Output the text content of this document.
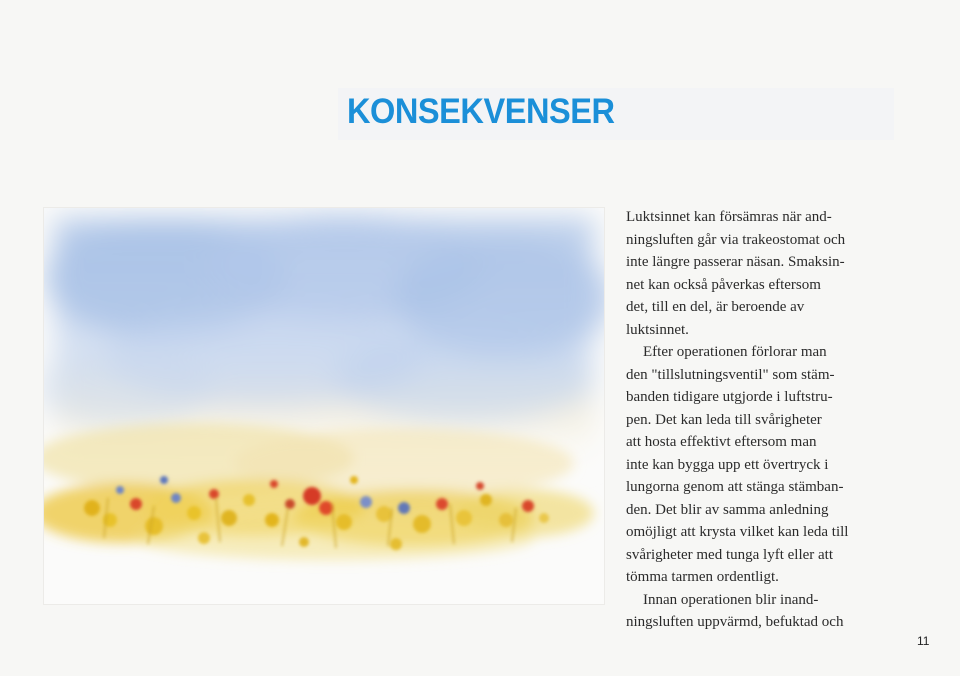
KONSEKVENSER
Luktsinnet kan försämras när and-
ningsluften går via trakeostomat och
inte längre passerar näsan. Smaksin-
net kan också påverkas eftersom
det, till en del, är beroende av
luktsinnet.
Efter operationen förlorar man
den "tillslutningsventil" som stäm-
banden tidigare utgjorde i luftstru-
pen. Det kan leda till svårigheter
att hosta effektivt eftersom man
inte kan bygga upp ett övertryck i
lungorna genom att stänga stämban-
den. Det blir av samma anledning
omöjligt att krysta vilket kan leda till
svårigheter med tunga lyft eller att
tömma tarmen ordentligt.
Innan operationen blir inand-
ningsluften uppvärmd, befuktad och
11
